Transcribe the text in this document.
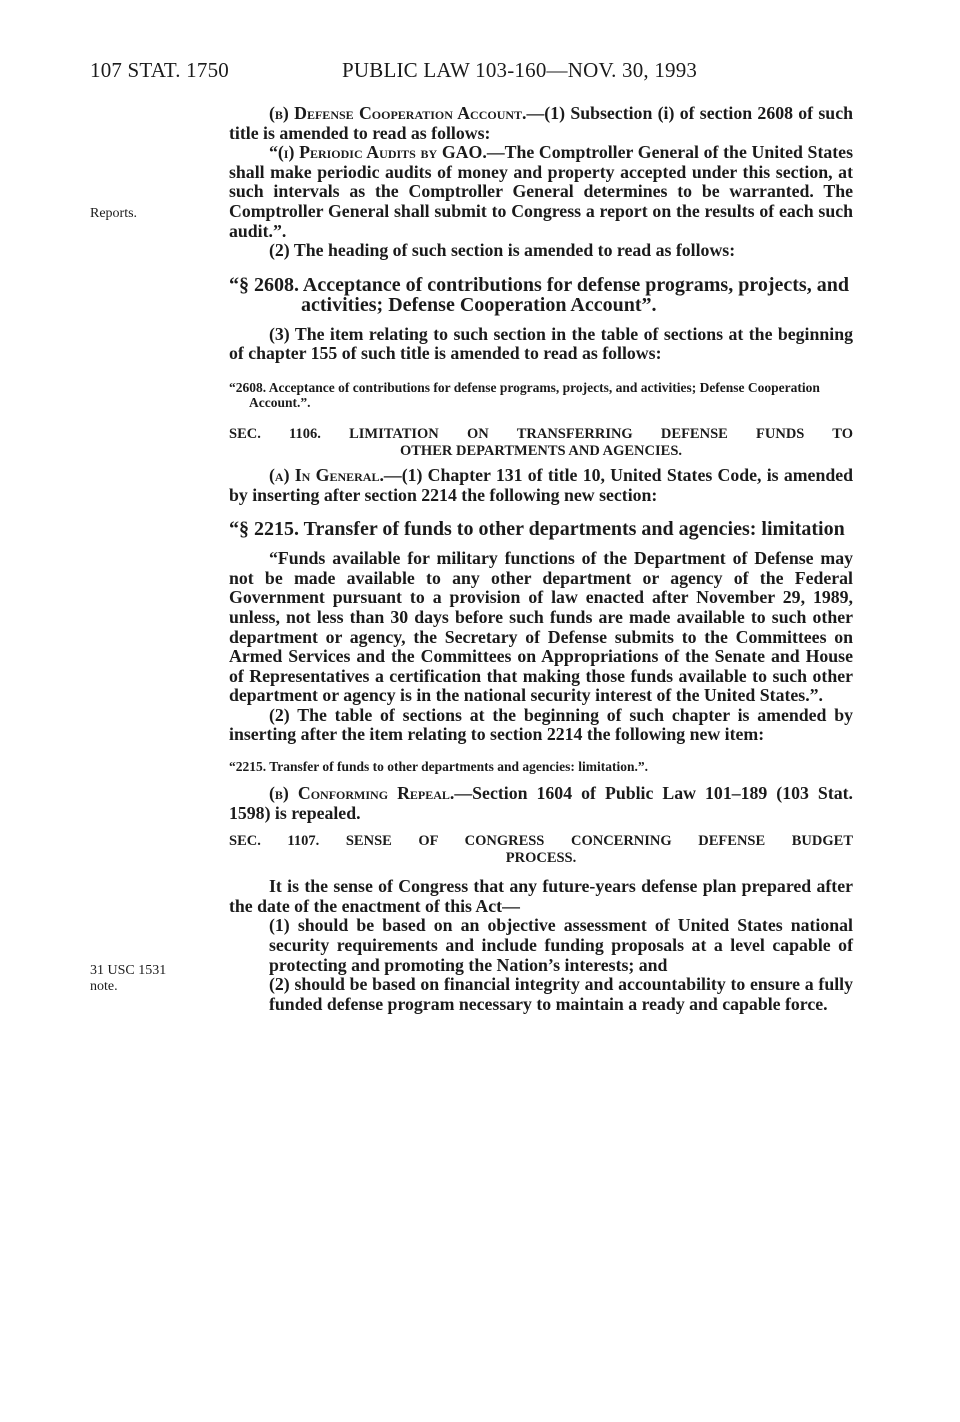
107 STAT. 1750	PUBLIC LAW 103-160—NOV. 30, 1993
Reports.
31 USC 1531
note.

(b) Defense Cooperation Account.—(1) Subsection (i) of section 2608 of such title is amended to read as follows:

“(i) Periodic Audits by GAO.—The Comptroller General of the United States shall make periodic audits of money and property accepted under this section, at such intervals as the Comptroller General determines to be warranted. The Comptroller General shall submit to Congress a report on the results of each such audit.”.

(2) The heading of such section is amended to read as follows:

“§ 2608. Acceptance of contributions for defense programs, projects, and activities; Defense Cooperation Account”.

(3) The item relating to such section in the table of sections at the beginning of chapter 155 of such title is amended to read as follows:

“2608. Acceptance of contributions for defense programs, projects, and activities; Defense Cooperation Account.”.

SEC. 1106. LIMITATION ON TRANSFERRING DEFENSE FUNDS TO
OTHER DEPARTMENTS AND AGENCIES.

(a) In General.—(1) Chapter 131 of title 10, United States Code, is amended by inserting after section 2214 the following new section:

“§ 2215. Transfer of funds to other departments and agencies: limitation

“Funds available for military functions of the Department of Defense may not be made available to any other department or agency of the Federal Government pursuant to a provision of law enacted after November 29, 1989, unless, not less than 30 days before such funds are made available to such other department or agency, the Secretary of Defense submits to the Committees on Armed Services and the Committees on Appropriations of the Senate and House of Representatives a certification that making those funds available to such other department or agency is in the national security interest of the United States.”.

(2) The table of sections at the beginning of such chapter is amended by inserting after the item relating to section 2214 the following new item:

“2215. Transfer of funds to other departments and agencies: limitation.”.

(b) Conforming Repeal.—Section 1604 of Public Law 101–189 (103 Stat. 1598) is repealed.

SEC. 1107. SENSE OF CONGRESS CONCERNING DEFENSE BUDGET
PROCESS.

It is the sense of Congress that any future-years defense plan prepared after the date of the enactment of this Act—

(1) should be based on an objective assessment of United States national security requirements and include funding proposals at a level capable of protecting and promoting the Nation’s interests; and

(2) should be based on financial integrity and accountability to ensure a fully funded defense program necessary to maintain a ready and capable force.
